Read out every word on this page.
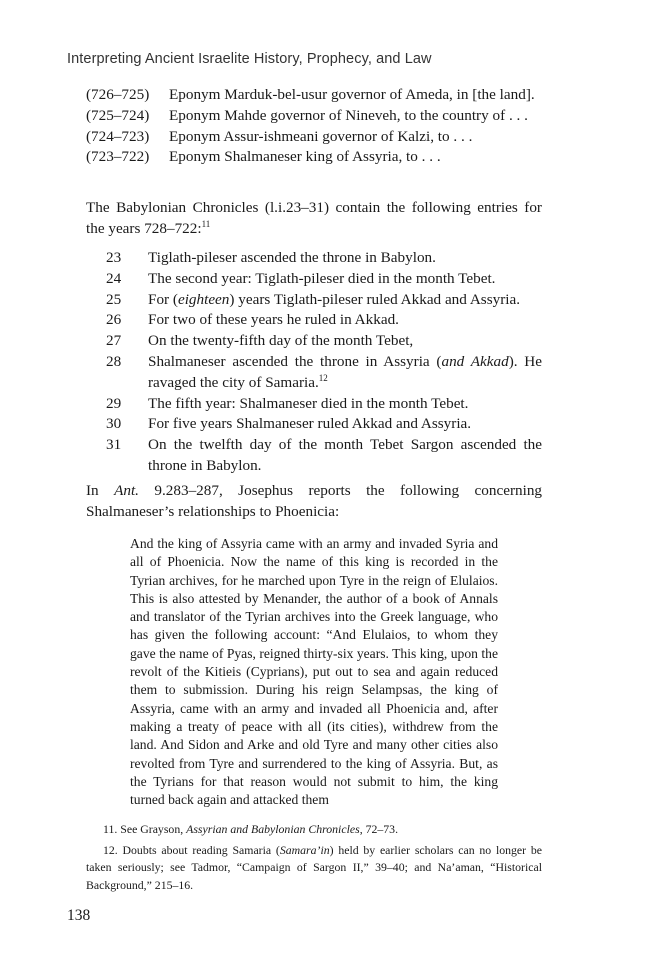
Interpreting Ancient Israelite History, Prophecy, and Law
(726–725)	Eponym Marduk-bel-usur governor of Ameda, in [the land].
(725–724)	Eponym Mahde governor of Nineveh, to the country of . . .
(724–723)	Eponym Assur-ishmeani governor of Kalzi, to . . .
(723–722)	Eponym Shalmaneser king of Assyria, to . . .

The Babylonian Chronicles (l.i.23–31) contain the following entries for the years 728–722:$^{11}$

23	Tiglath-pileser ascended the throne in Babylon.
24	The second year: Tiglath-pileser died in the month Tebet.
25	For (eighteen) years Tiglath-pileser ruled Akkad and Assyria.
26	For two of these years he ruled in Akkad.
27	On the twenty-fifth day of the month Tebet,
28	Shalmaneser ascended the throne in Assyria (and Akkad). He ravaged the city of Samaria.$^{12}$
29	The fifth year: Shalmaneser died in the month Tebet.
30	For five years Shalmaneser ruled Akkad and Assyria.
31	On the twelfth day of the month Tebet Sargon ascended the throne in Babylon.

In Ant. 9.283–287, Josephus reports the following concerning Shalmaneser’s relationships to Phoenicia:

And the king of Assyria came with an army and invaded Syria and all of Phoenicia. Now the name of this king is recorded in the Tyrian archives, for he marched upon Tyre in the reign of Elulaios. This is also attested by Menander, the author of a book of Annals and translator of the Tyrian archives into the Greek language, who has given the following account: “And Elulaios, to whom they gave the name of Pyas, reigned thirty-six years. This king, upon the revolt of the Kitieis (Cyprians), put out to sea and again reduced them to submission. During his reign Selampsas, the king of Assyria, came with an army and invaded all Phoenicia and, after making a treaty of peace with all (its cities), withdrew from the land. And Sidon and Arke and old Tyre and many other cities also revolted from Tyre and surrendered to the king of Assyria. But, as the Tyrians for that reason would not submit to him, the king turned back again and attacked them

11. See Grayson, Assyrian and Babylonian Chronicles, 72–73.

12. Doubts about reading Samaria (Samara’in) held by earlier scholars can no longer be taken seriously; see Tadmor, “Campaign of Sargon II,” 39–40; and Na’aman, “Historical Background,” 215–16.

138
